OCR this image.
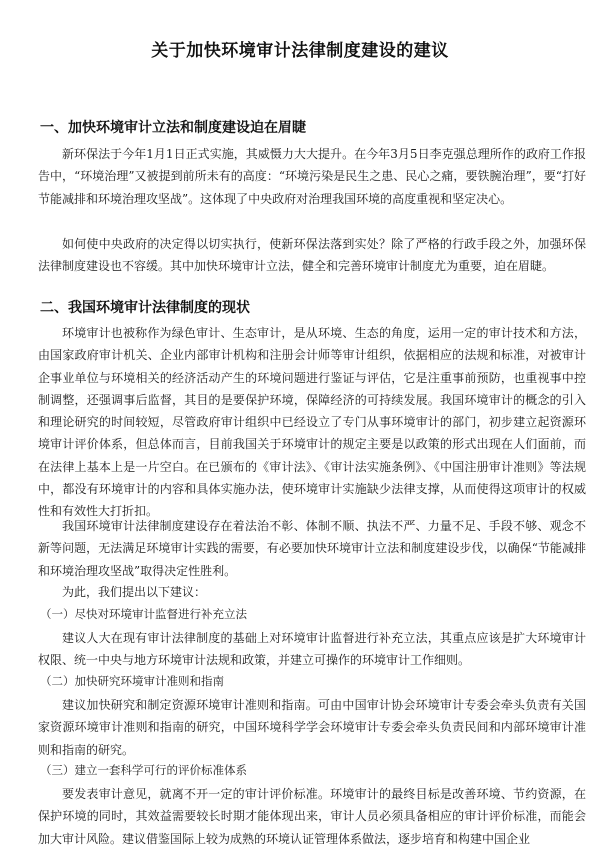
关于加快环境审计法律制度建设的建议
一、加快环境审计立法和制度建设迫在眉睫
新环保法于今年1月1日正式实施，其威慑力大大提升。在今年3月5日李克强总理所作的政府工作报告中，“环境治理”又被提到前所未有的高度：“环境污染是民生之患、民心之痛，要铁腕治理”，要“打好节能减排和环境治理攻坚战”。这体现了中央政府对治理我国环境的高度重视和坚定决心。
如何使中央政府的决定得以切实执行，使新环保法落到实处？除了严格的行政手段之外，加强环保法律制度建设也不容缓。其中加快环境审计立法，健全和完善环境审计制度尤为重要，迫在眉睫。
二、我国环境审计法律制度的现状
环境审计也被称作为绿色审计、生态审计，是从环境、生态的角度，运用一定的审计技术和方法，由国家政府审计机关、企业内部审计机构和注册会计师等审计组织，依据相应的法规和标准，对被审计企事业单位与环境相关的经济活动产生的环境问题进行鉴证与评估，它是注重事前预防，也重视事中控制调整，还强调事后监督，其目的是要保护环境，保障经济的可持续发展。我国环境审计的概念的引入和理论研究的时间较短，尽管政府审计组织中已经设立了专门从事环境审计的部门，初步建立起资源环境审计评价体系，但总体而言，目前我国关于环境审计的规定主要是以政策的形式出现在人们面前，而在法律上基本上是一片空白。在已颁布的《审计法》、《审计法实施条例》、《中国注册审计准则》等法规中，都没有环境审计的内容和具体实施办法，使环境审计实施缺少法律支撑，从而使得这项审计的权威性和有效性大打折扣。
我国环境审计法律制度建设存在着法治不彰、体制不顺、执法不严、力量不足、手段不够、观念不新等问题，无法满足环境审计实践的需要，有必要加快环境审计立法和制度建设步伐，以确保“节能减排和环境治理攻坚战”取得决定性胜利。
为此，我们提出以下建议：
（一）尽快对环境审计监督进行补充立法
建议人大在现有审计法律制度的基础上对环境审计监督进行补充立法，其重点应该是扩大环境审计权限、统一中央与地方环境审计法规和政策，并建立可操作的环境审计工作细则。
（二）加快研究环境审计准则和指南
建议加快研究和制定资源环境审计准则和指南。可由中国审计协会环境审计专委会牵头负责有关国家资源环境审计准则和指南的研究，中国环境科学学会环境审计专委会牵头负责民间和内部环境审计准则和指南的研究。
（三）建立一套科学可行的评价标准体系
要发表审计意见，就离不开一定的审计评价标准。环境审计的最终目标是改善环境、节约资源，在保护环境的同时，其效益需要较长时期才能体现出来，审计人员必须具备相应的审计评价标准，而能会加大审计风险。建议借鉴国际上较为成熟的环境认证管理体系做法，逐步培育和构建中国企业
